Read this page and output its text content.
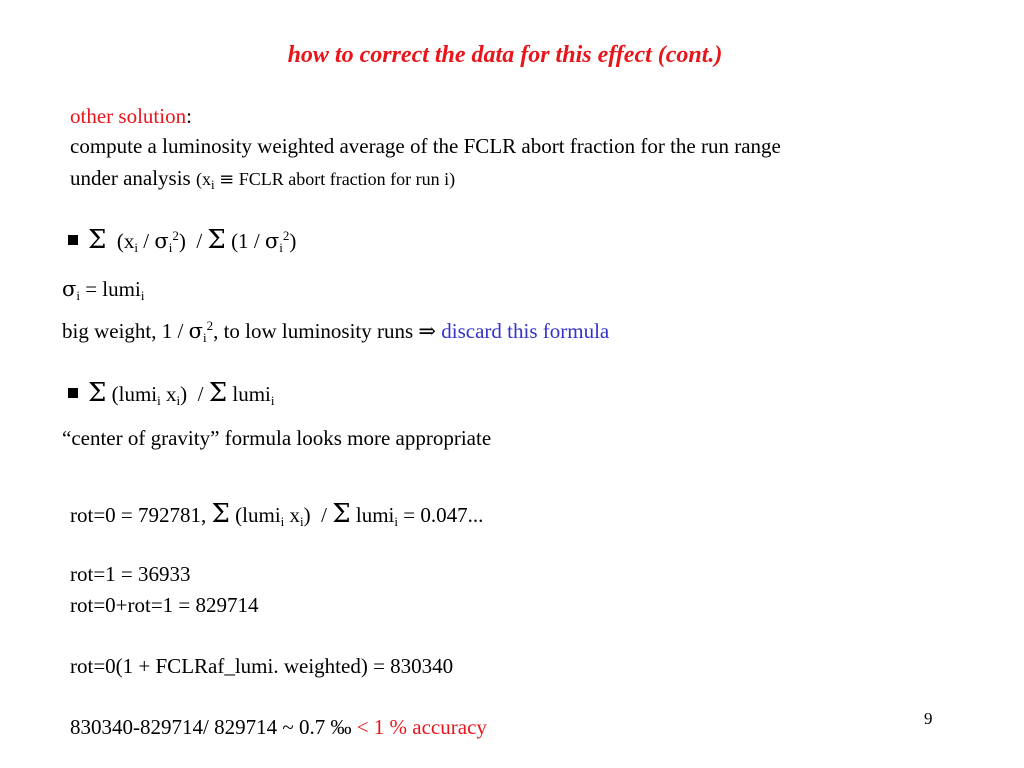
how to correct the data for this effect (cont.)
other solution:
compute a luminosity weighted average of the FCLR abort fraction for the run range
under analysis ($x_i$ ≡ FCLR abort fraction for run i)
Σ $(x_i / \sigma_i^2)$ / Σ $(1 / \sigma_i^2)$
$\sigma_i$ = lumi$_i$
big weight, $1 / \sigma_i^2$, to low luminosity runs ⇒ discard this formula
Σ (lumi$_i$ $x_i$) / Σ lumi$_i$
“center of gravity” formula looks more appropriate
rot=0 = 792781, Σ (lumi$_i$ $x_i$) / Σ lumi$_i$ = 0.047...
rot=1 = 36933
rot=0+rot=1 = 829714
rot=0(1 + FCLRaf_lumi. weighted) = 830340
830340-829714/ 829714 ~ 0.7 ‰ < 1 % accuracy	9
